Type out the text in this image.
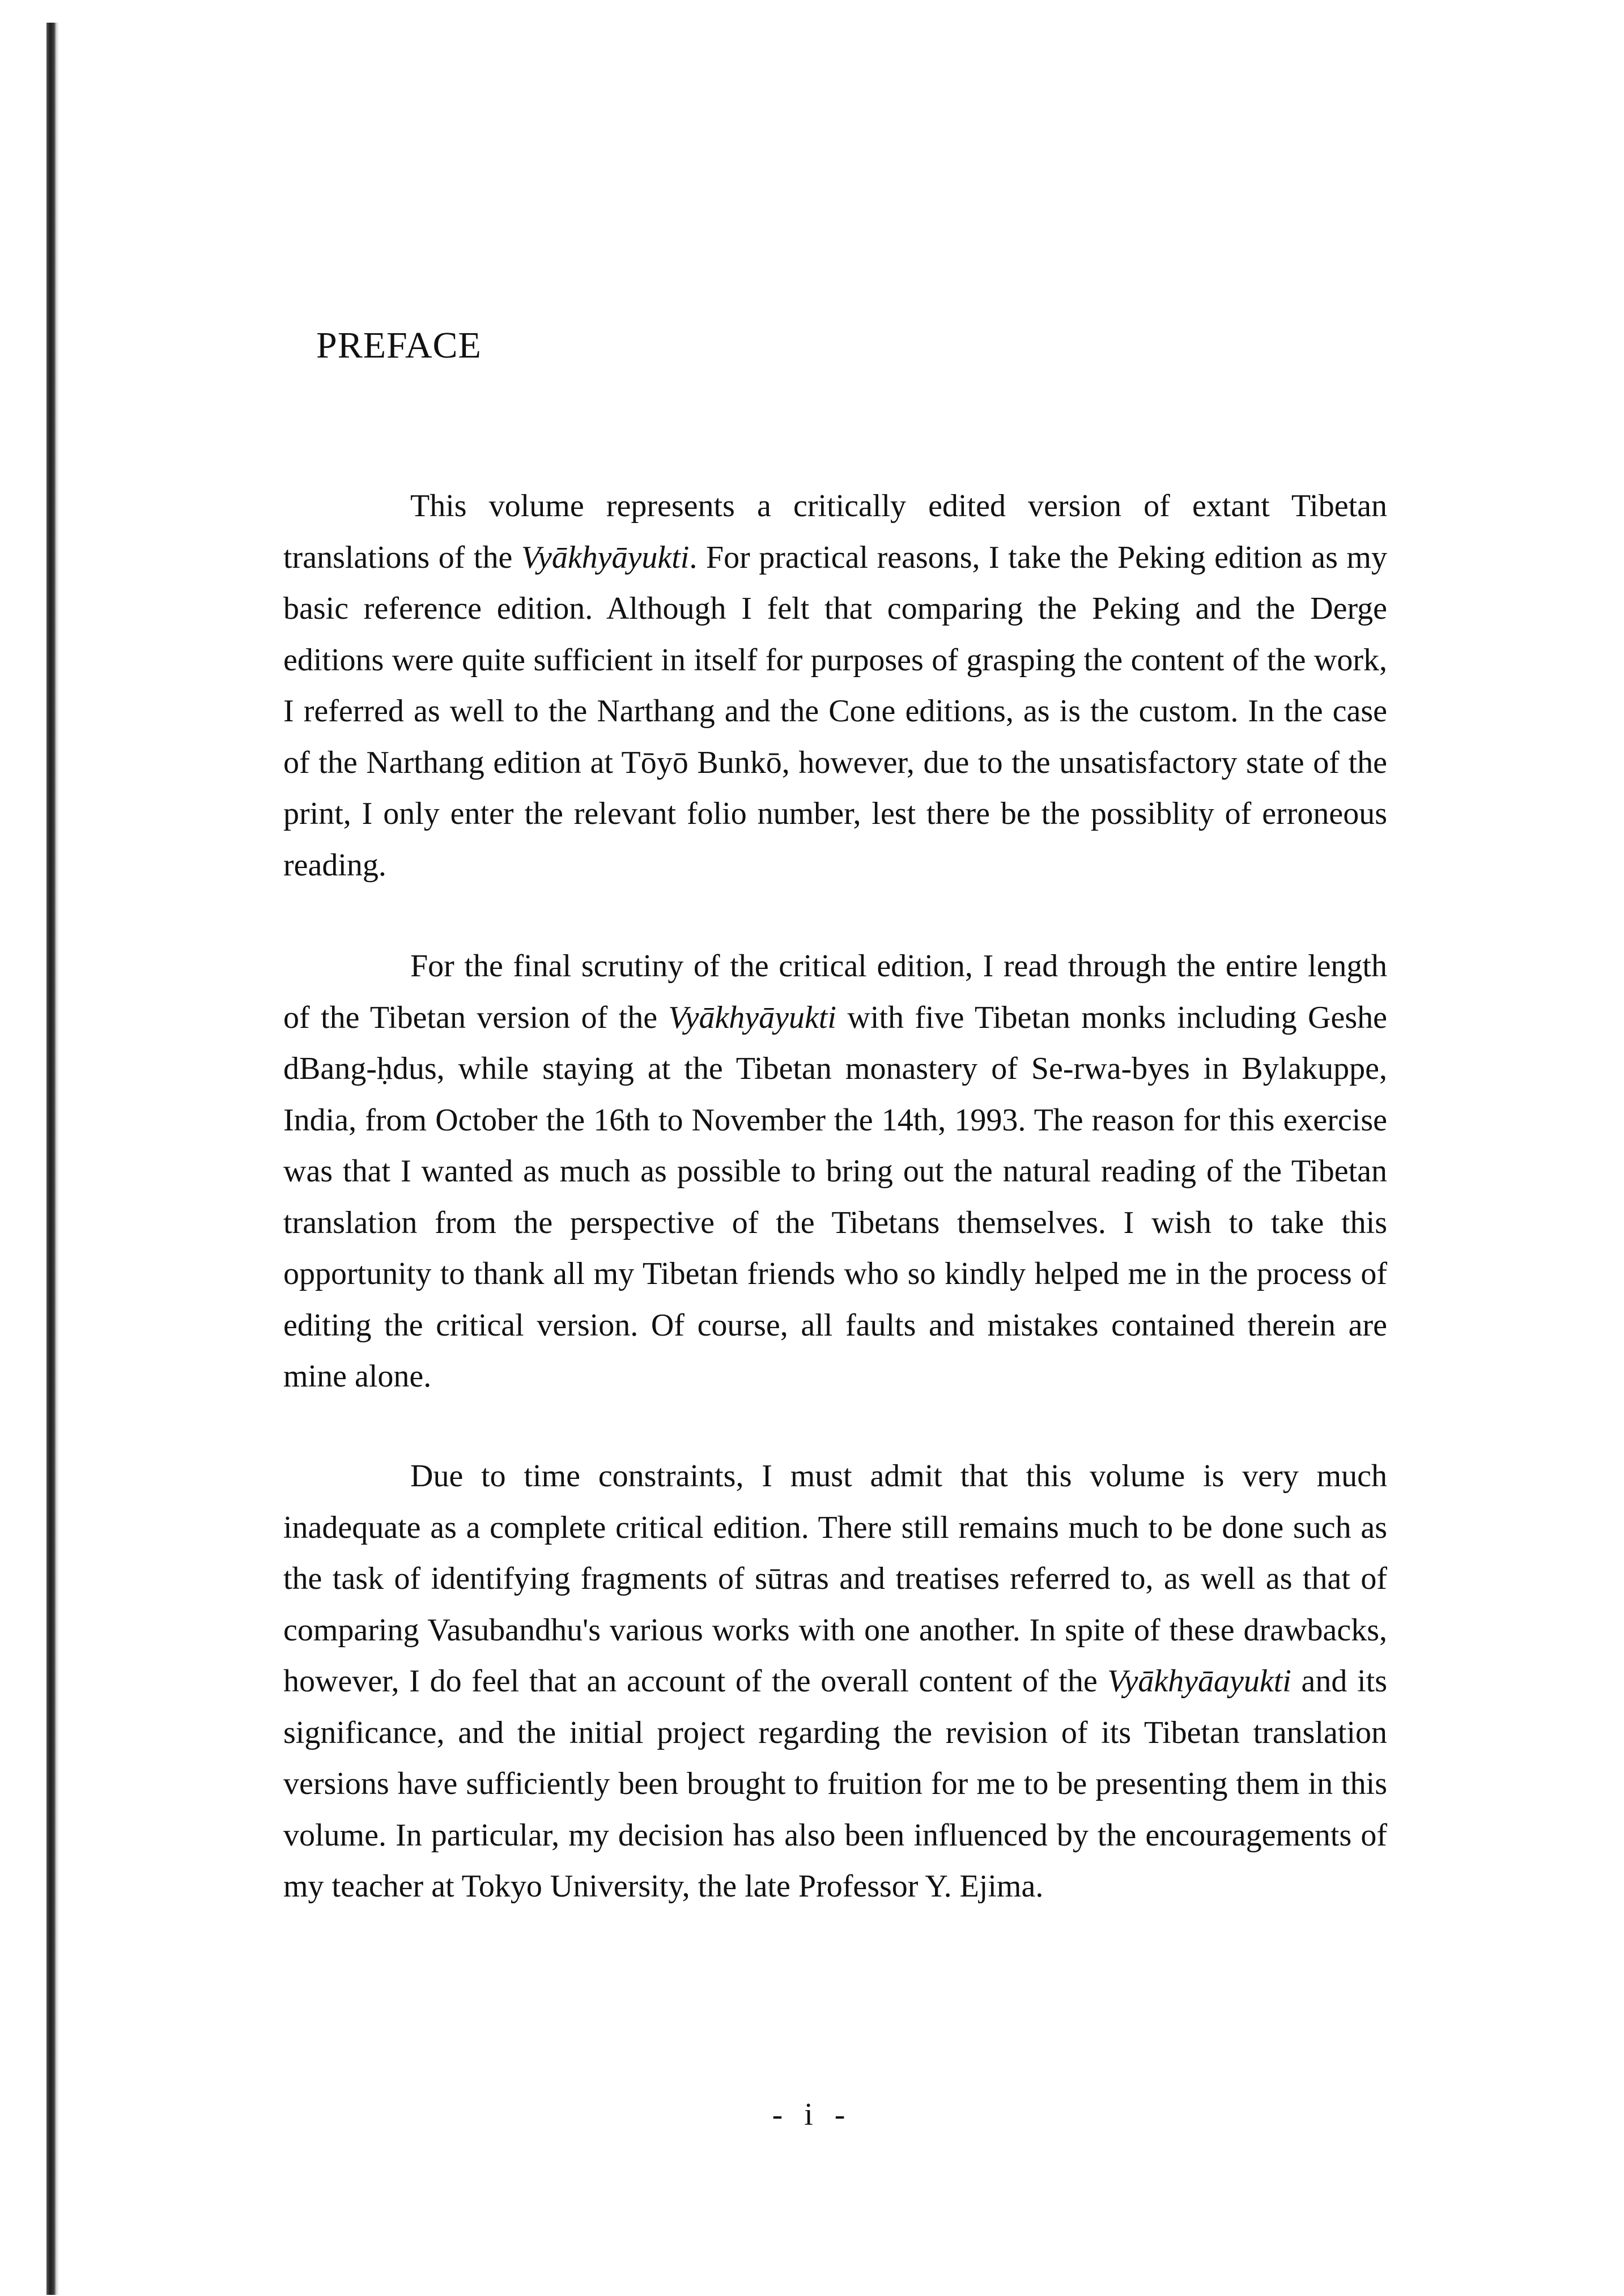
PREFACE

This volume represents a critically edited version of extant Tibetan translations of the Vyākhyāyukti. For practical reasons, I take the Peking edition as my basic reference edition. Although I felt that comparing the Peking and the Derge editions were quite sufficient in itself for purposes of grasping the content of the work, I referred as well to the Narthang and the Cone editions, as is the custom. In the case of the Narthang edition at Tōyō Bunkō, however, due to the unsatisfactory state of the print, I only enter the relevant folio number, lest there be the possiblity of erroneous reading.

For the final scrutiny of the critical edition, I read through the entire length of the Tibetan version of the Vyākhyāyukti with five Tibetan monks including Geshe dBang-ḥdus, while staying at the Tibetan monastery of Se-rwa-byes in Bylakuppe, India, from October the 16th to November the 14th, 1993. The reason for this exercise was that I wanted as much as possible to bring out the natural reading of the Tibetan translation from the perspective of the Tibetans themselves. I wish to take this opportunity to thank all my Tibetan friends who so kindly helped me in the process of editing the critical version. Of course, all faults and mistakes contained therein are mine alone.

Due to time constraints, I must admit that this volume is very much inadequate as a complete critical edition. There still remains much to be done such as the task of identifying fragments of sūtras and treatises referred to, as well as that of comparing Vasubandhu's various works with one another. In spite of these drawbacks, however, I do feel that an account of the overall content of the Vyākhyāayukti and its significance, and the initial project regarding the revision of its Tibetan translation versions have sufficiently been brought to fruition for me to be presenting them in this volume. In particular, my decision has also been influenced by the encouragements of my teacher at Tokyo University, the late Professor Y. Ejima.

- i -
